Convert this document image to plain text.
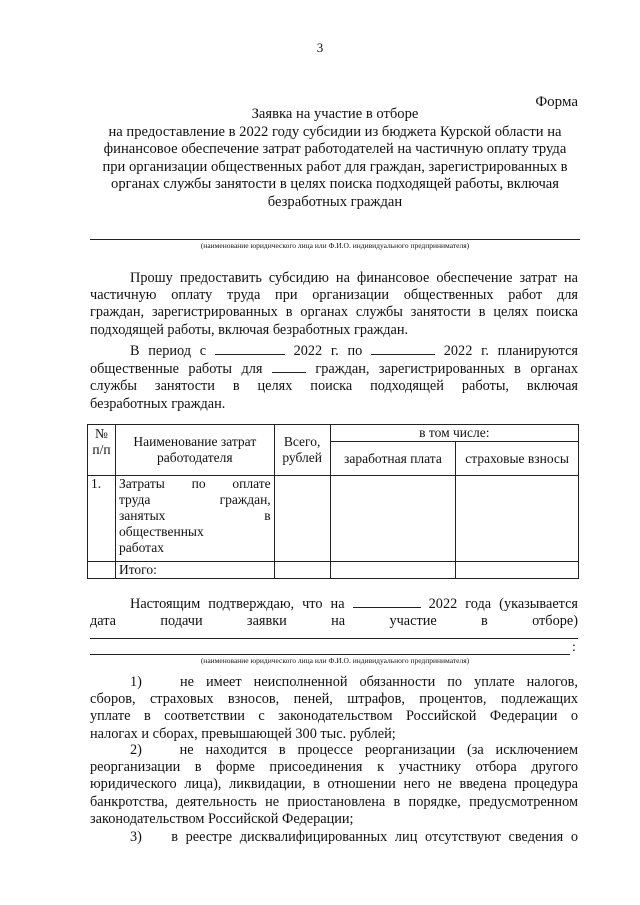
3
Форма
Заявка на участие в отборе
на предоставление в 2022 году субсидии из бюджета Курской области на
финансовое обеспечение затрат работодателей на частичную оплату труда
при организации общественных работ для граждан, зарегистрированных в
органах службы занятости в целях поиска подходящей работы, включая
безработных граждан
(наименование юридического лица или Ф.И.О. индивидуального предпринимателя)
Прошу предоставить субсидию на финансовое обеспечение затрат на
частичную оплату труда при организации общественных работ для
граждан, зарегистрированных в органах службы занятости в целях поиска
подходящей работы, включая безработных граждан.
В период с	2022 г. по	2022 г. планируются
общественные работы для	граждан, зарегистрированных в органах
службы занятости в целях поиска подходящей работы, включая
безработных граждан.
№ п/п	Наименование затрат работодателя	Всего, рублей	в том числе:	
			заработная плата	страховые взносы
1.	Затраты по оплате
труда граждан,
занятых в
общественных
работах			

	Итого:			
Настоящим подтверждаю, что на	2022 года (указывается
дата подачи заявки на участие в отборе)
:
(наименование юридического лица или Ф.И.О. индивидуального предпринимателя)
1)	не имеет неисполненной обязанности по уплате налогов,
сборов, страховых взносов, пеней, штрафов, процентов, подлежащих
уплате в соответствии с законодательством Российской Федерации о
налогах и сборах, превышающей 300 тыс. рублей;
2)	не находится в процессе реорганизации (за исключением
реорганизации в форме присоединения к участнику отбора другого
юридического лица), ликвидации, в отношении него не введена процедура
банкротства, деятельность не приостановлена в порядке, предусмотренном
законодательством Российской Федерации;
3) в реестре дисквалифицированных лиц отсутствуют сведения о
